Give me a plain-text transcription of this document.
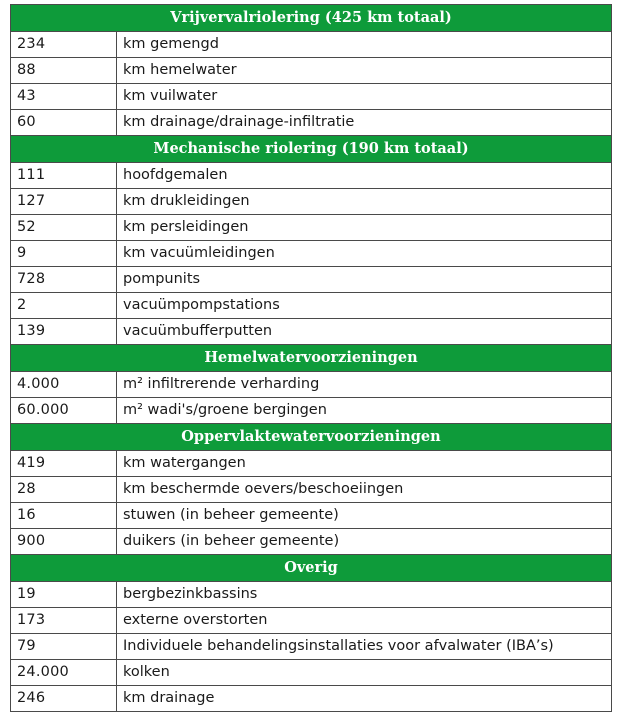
Vrijvervalriolering (425 km totaal)	
234	km gemengd
88	km hemelwater
43	km vuilwater
60	km drainage/drainage-infiltratie
Mechanische riolering (190 km totaal)	
111	hoofdgemalen
127	km drukleidingen
52	km persleidingen
9	km vacuümleidingen
728	pompunits
2	vacuümpompstations
139	vacuümbufferputten
Hemelwatervoorzieningen	
4.000	m² infiltrerende verharding
60.000	m² wadi's/groene bergingen
Oppervlaktewatervoorzieningen	
419	km watergangen
28	km beschermde oevers/beschoeiingen
16	stuwen (in beheer gemeente)
900	duikers (in beheer gemeente)
Overig	
19	bergbezinkbassins
173	externe overstorten
79	Individuele behandelingsinstallaties voor afvalwater (IBA’s)
24.000	kolken
246	km drainage
